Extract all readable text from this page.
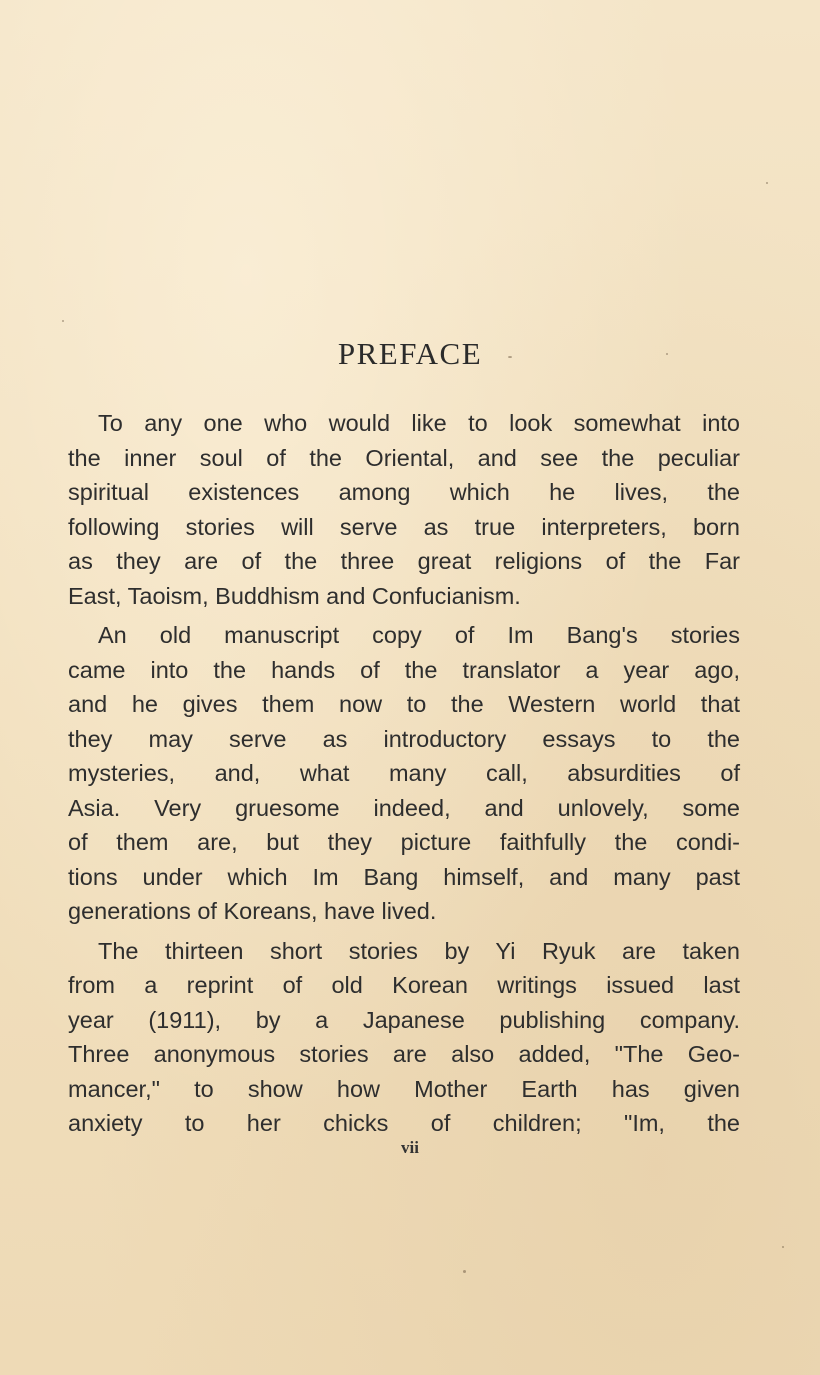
PREFACE

To any one who would like to look somewhat into
the inner soul of the Oriental, and see the peculiar
spiritual existences among which he lives, the
following stories will serve as true interpreters, born
as they are of the three great religions of the Far
East, Taoism, Buddhism and Confucianism.

An old manuscript copy of Im Bang's stories
came into the hands of the translator a year ago,
and he gives them now to the Western world that
they may serve as introductory essays to the
mysteries, and, what many call, absurdities of
Asia. Very gruesome indeed, and unlovely, some
of them are, but they picture faithfully the condi-
tions under which Im Bang himself, and many past
generations of Koreans, have lived.

The thirteen short stories by Yi Ryuk are taken
from a reprint of old Korean writings issued last
year (1911), by a Japanese publishing company.
Three anonymous stories are also added, "The Geo-
mancer," to show how Mother Earth has given
anxiety to her chicks of children; "Im, the

vii
